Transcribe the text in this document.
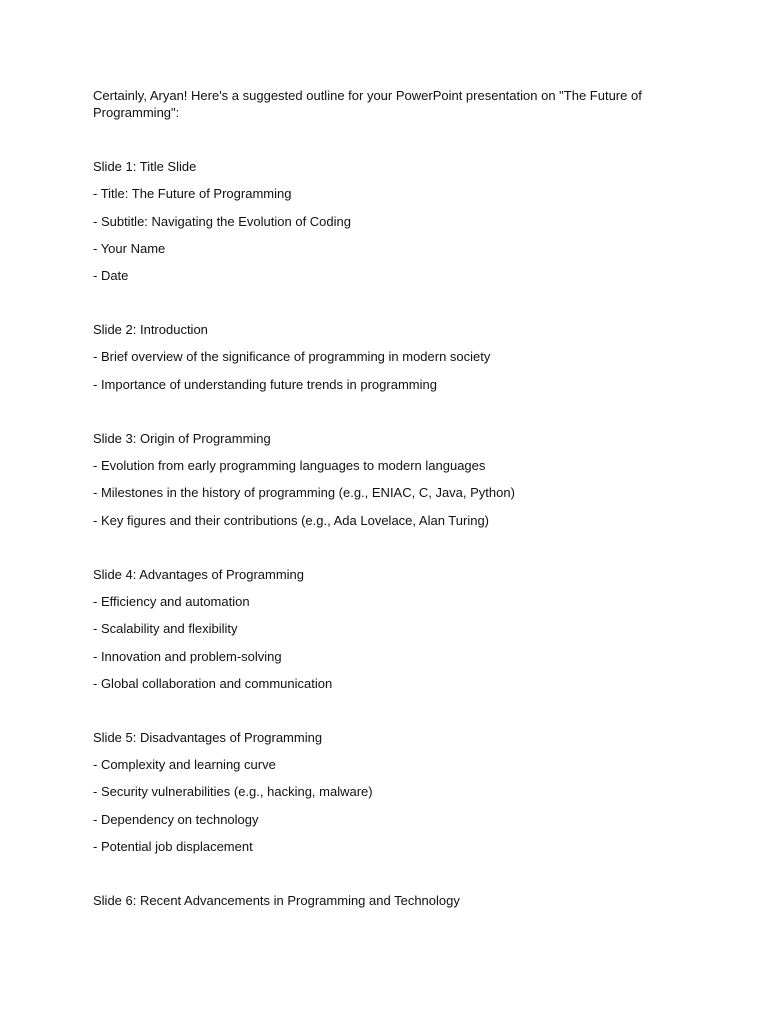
Certainly, Aryan! Here's a suggested outline for your PowerPoint presentation on "The Future of Programming":

Slide 1: Title Slide
- Title: The Future of Programming
- Subtitle: Navigating the Evolution of Coding
- Your Name
- Date
Slide 2: Introduction
- Brief overview of the significance of programming in modern society
- Importance of understanding future trends in programming
Slide 3: Origin of Programming
- Evolution from early programming languages to modern languages
- Milestones in the history of programming (e.g., ENIAC, C, Java, Python)
- Key figures and their contributions (e.g., Ada Lovelace, Alan Turing)
Slide 4: Advantages of Programming
- Efficiency and automation
- Scalability and flexibility
- Innovation and problem-solving
- Global collaboration and communication
Slide 5: Disadvantages of Programming
- Complexity and learning curve
- Security vulnerabilities (e.g., hacking, malware)
- Dependency on technology
- Potential job displacement
Slide 6: Recent Advancements in Programming and Technology
